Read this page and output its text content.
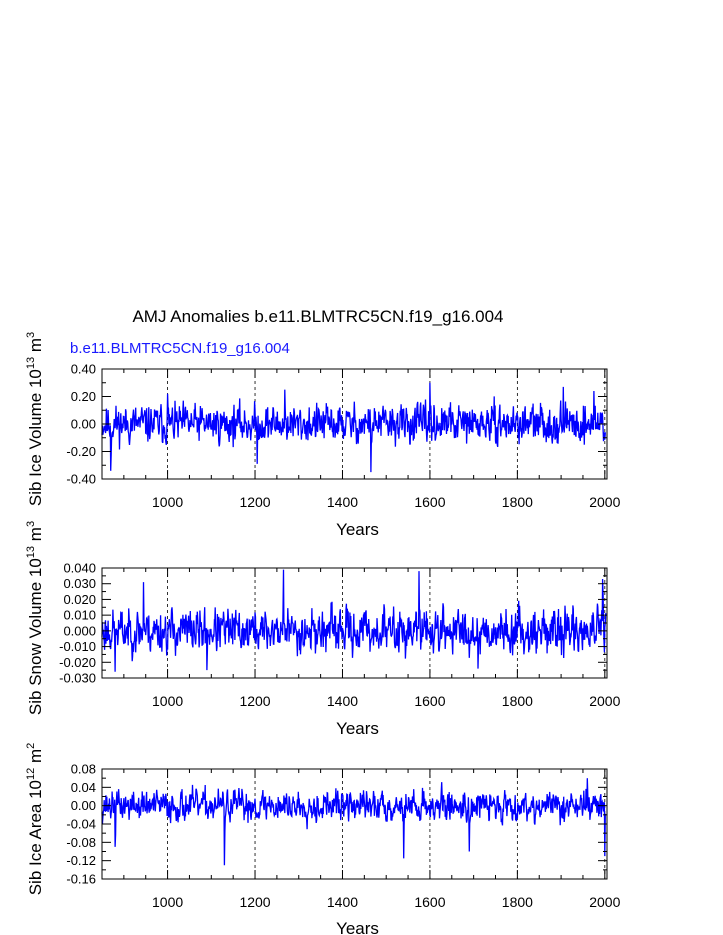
AMJ Anomalies b.e11.BLMTRC5CN.f19_g16.004
b.e11.BLMTRC5CN.f19_g16.004
1000	1200	1400	1600	1800	2000
-0.40
-0.20
0.00
0.20
0.40
Years
Sib Ice Volume $10^{13}$ $m^3$
1000	1200	1400	1600	1800	2000
-0.030
-0.020
-0.010
0.000
0.010
0.020
0.030
0.040
Years
Sib Snow Volume $10^{13}$ $m^3$
1000	1200	1400	1600	1800	2000
-0.16
-0.12
-0.08
-0.04
0.00
0.04
0.08
Years
Sib Ice Area $10^{12}$ $m^2$
